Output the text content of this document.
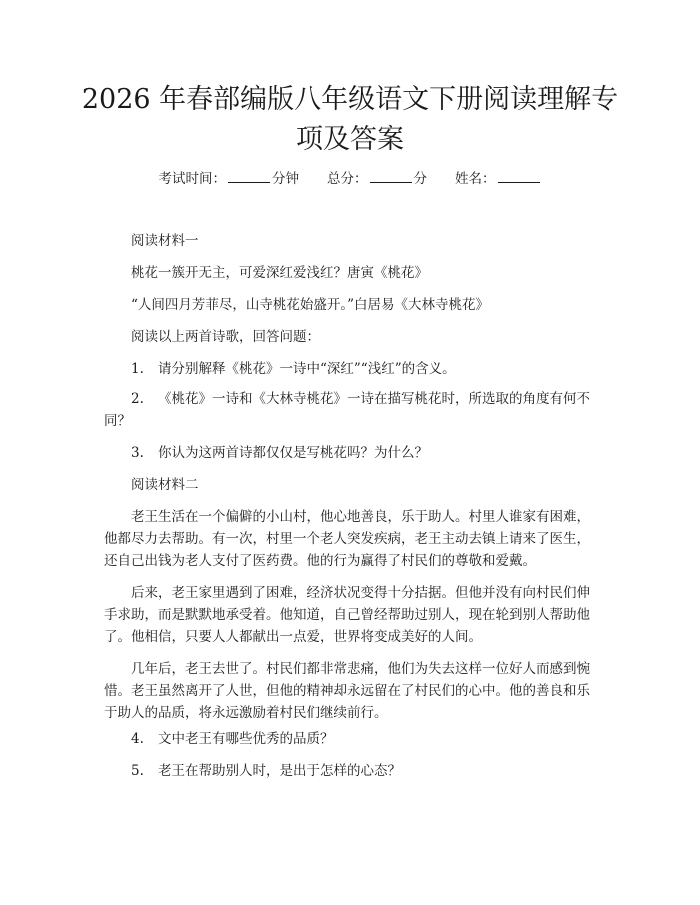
2026 年春部编版八年级语文下册阅读理解专
项及答案
考试时间：	分钟 总分：	分 姓名：

阅读材料一

桃花一簇开无主，可爱深红爱浅红？唐寅《桃花》

“人间四月芳菲尽，山寺桃花始盛开。”白居易《大林寺桃花》

阅读以上两首诗歌，回答问题：

1. 请分别解释《桃花》一诗中“深红”“浅红”的含义。

2. 《桃花》一诗和《大林寺桃花》一诗在描写桃花时，所选取的角度有何不同？

3. 你认为这两首诗都仅仅是写桃花吗？为什么？

阅读材料二

老王生活在一个偏僻的小山村，他心地善良，乐于助人。村里人谁家有困难，他都尽力去帮助。有一次，村里一个老人突发疾病，老王主动去镇上请来了医生，还自己出钱为老人支付了医药费。他的行为赢得了村民们的尊敬和爱戴。

后来，老王家里遇到了困难，经济状况变得十分拮据。但他并没有向村民们伸手求助，而是默默地承受着。他知道，自己曾经帮助过别人，现在轮到别人帮助他了。他相信，只要人人都献出一点爱，世界将变成美好的人间。

几年后，老王去世了。村民们都非常悲痛，他们为失去这样一位好人而感到惋惜。老王虽然离开了人世，但他的精神却永远留在了村民们的心中。他的善良和乐于助人的品质，将永远激励着村民们继续前行。

4. 文中老王有哪些优秀的品质？

5. 老王在帮助别人时，是出于怎样的心态？
